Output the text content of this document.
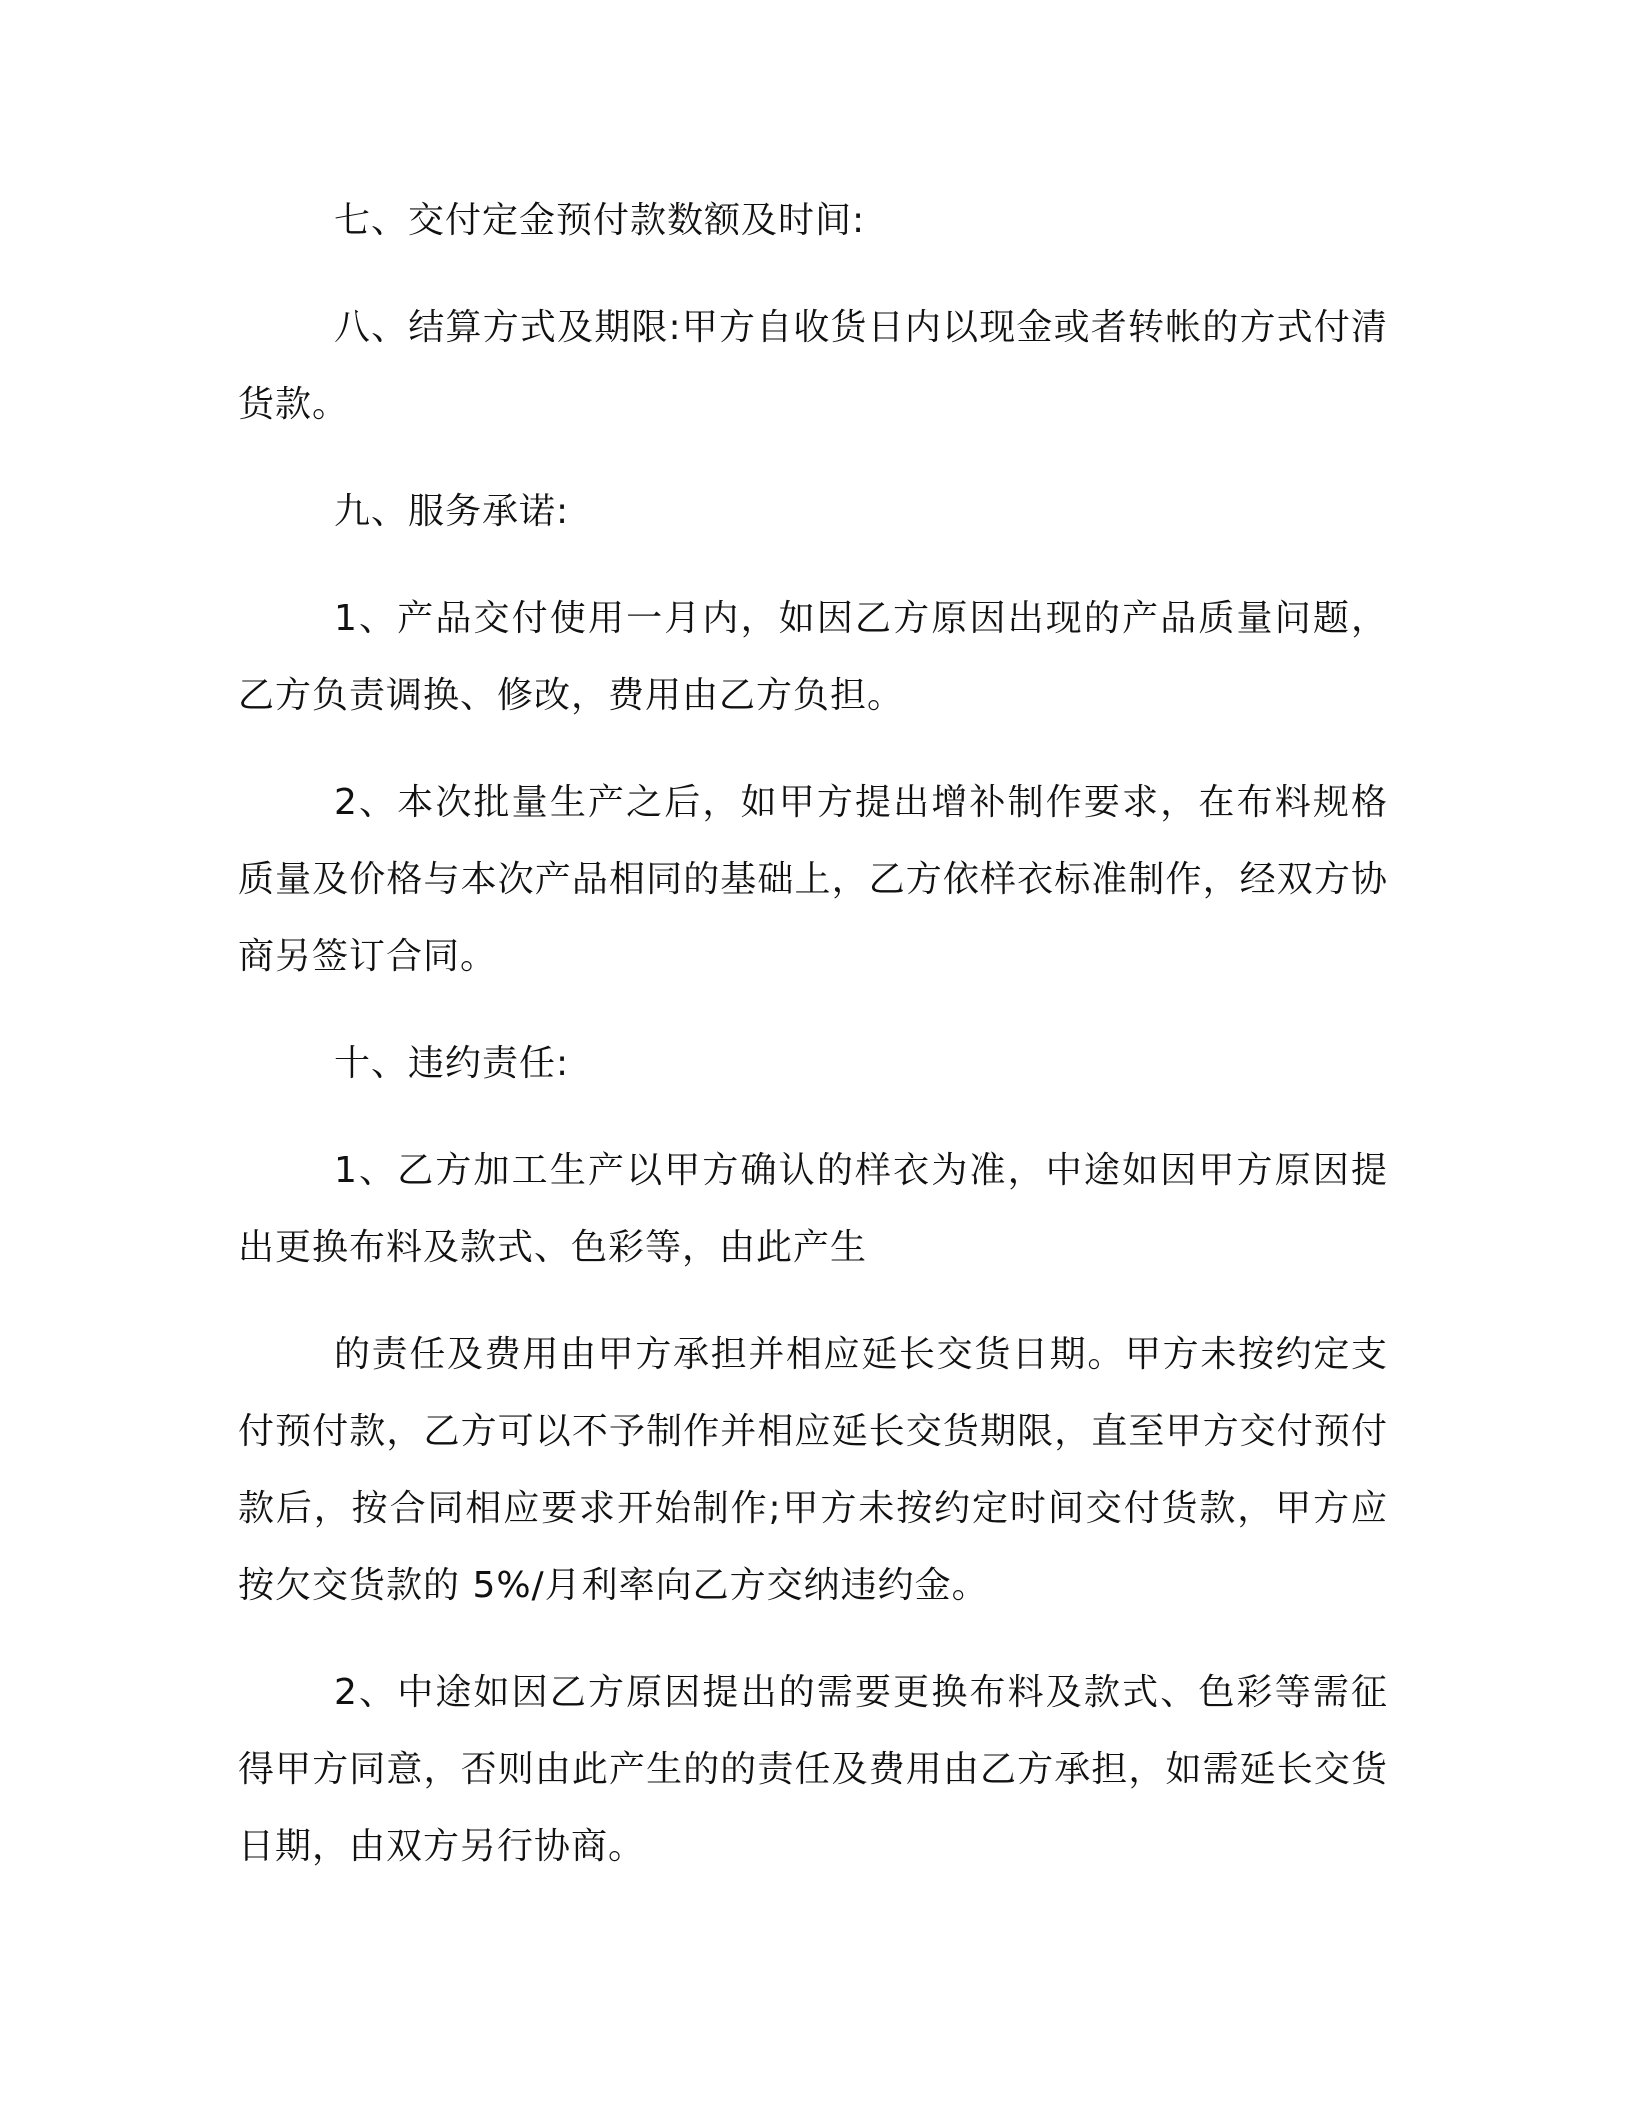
七、交付定金预付款数额及时间:

八、结算方式及期限:甲方自收货日内以现金或者转帐的方式付清货款。

九、服务承诺:

1、产品交付使用一月内，如因乙方原因出现的产品质量问题，乙方负责调换、修改，费用由乙方负担。

2、本次批量生产之后，如甲方提出增补制作要求，在布料规格质量及价格与本次产品相同的基础上，乙方依样衣标准制作，经双方协商另签订合同。

十、违约责任:

1、乙方加工生产以甲方确认的样衣为准，中途如因甲方原因提出更换布料及款式、色彩等，由此产生

的责任及费用由甲方承担并相应延长交货日期。甲方未按约定支付预付款，乙方可以不予制作并相应延长交货期限，直至甲方交付预付款后，按合同相应要求开始制作;甲方未按约定时间交付货款，甲方应按欠交货款的 5%/月利率向乙方交纳违约金。

2、中途如因乙方原因提出的需要更换布料及款式、色彩等需征得甲方同意，否则由此产生的的责任及费用由乙方承担，如需延长交货日期，由双方另行协商。
